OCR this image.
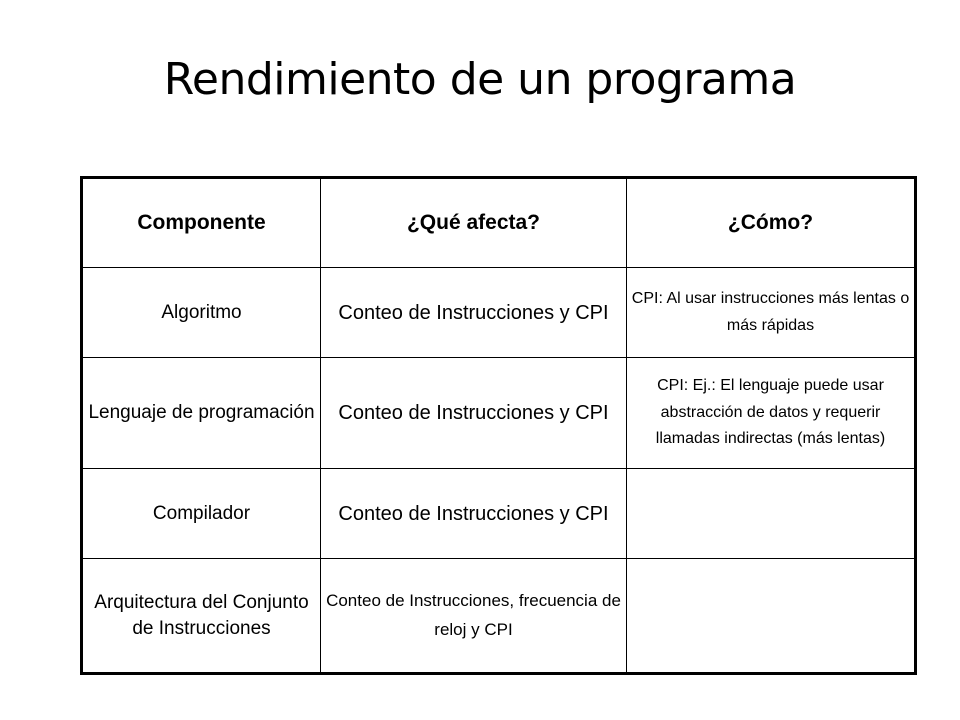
Rendimiento de un programa
Componente	¿Qué afecta?	¿Cómo?
Algoritmo	Conteo de Instrucciones y CPI	CPI: Al usar instrucciones más lentas o más rápidas
Lenguaje de programación	Conteo de Instrucciones y CPI	CPI: Ej.: El lenguaje puede usar abstracción de datos y requerir llamadas indirectas (más lentas)
Compilador	Conteo de Instrucciones y CPI	
Arquitectura del Conjunto de Instrucciones	Conteo de Instrucciones, frecuencia de reloj y CPI	
